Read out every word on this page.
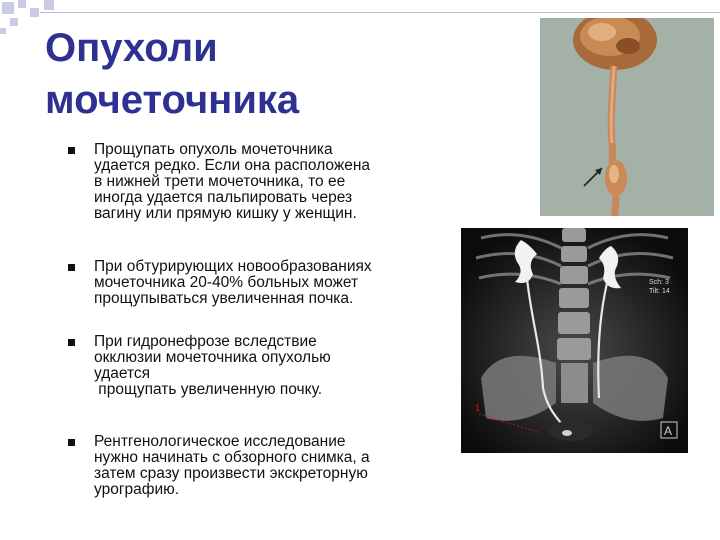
Опухоли
мочеточника
Прощупать опухоль мочеточника
удается редко. Если она расположена
в нижней трети мочеточника, то ее
иногда удается пальпировать через
вагину или прямую кишку у женщин.
При обтурирующих новообразованиях
мочеточника 20-40% больных может
прощупываться увеличенная почка.
При гидронефрозе вследствие
окклюзии мочеточника опухолью
удается
прощупать увеличенную почку.
Рентгенологическое исследование
нужно начинать с обзорного снимка, а
затем сразу произвести экскреторную
урографию.
1
Sch: 3
Tilt: 14
A
